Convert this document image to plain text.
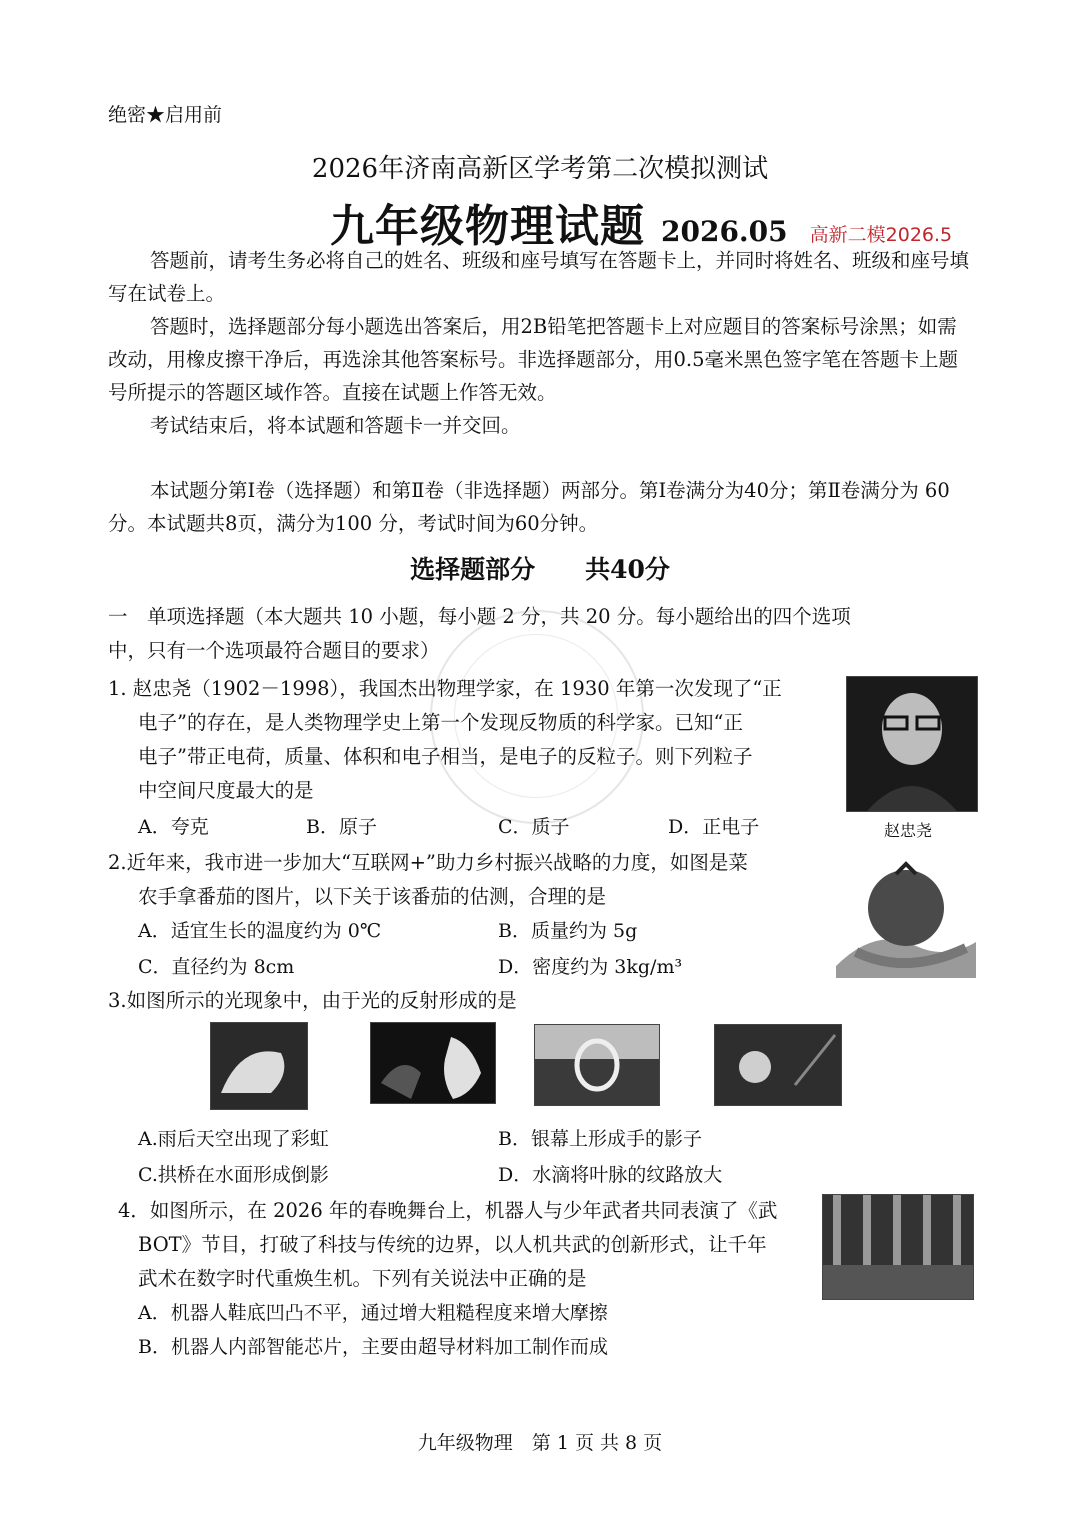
绝密★启用前
2026年济南高新区学考第二次模拟测试
九年级物理试题 2026.05 高新二模2026.5

答题前，请考生务必将自己的姓名、班级和座号填写在答题卡上，并同时将姓名、班级和座号填写在试卷上。

答题时，选择题部分每小题选出答案后，用2B铅笔把答题卡上对应题目的答案标号涂黑；如需改动，用橡皮擦干净后，再选涂其他答案标号。非选择题部分，用0.5毫米黑色签字笔在答题卡上题号所提示的答题区域作答。直接在试题上作答无效。

考试结束后，将本试题和答题卡一并交回。

本试题分第Ⅰ卷（选择题）和第Ⅱ卷（非选择题）两部分。第Ⅰ卷满分为40分；第Ⅱ卷满分为 60分。本试题共8页，满分为100 分，考试时间为60分钟。
选择题部分　　共40分
一　单项选择题（本大题共 10 小题，每小题 2 分，共 20 分。每小题给出的四个选项
中，只有一个选项最符合题目的要求）
1. 赵忠尧（1902－1998），我国杰出物理学家，在 1930 年第一次发现了“正
电子”的存在，是人类物理学史上第一个发现反物质的科学家。已知“正
电子”带正电荷，质量、体积和电子相当，是电子的反粒子。则下列粒子
中空间尺度最大的是
A．夸克	B．原子	C．质子	D．正电子	赵忠尧
2.近年来，我市进一步加大“互联网+”助力乡村振兴战略的力度，如图是菜
农手拿番茄的图片，以下关于该番茄的估测，合理的是
A．适宜生长的温度约为 0℃	B．质量约为 5g
C．直径约为 8cm	D．密度约为 3kg/m³
3.如图所示的光现象中，由于光的反射形成的是
A.雨后天空出现了彩虹	B．银幕上形成手的影子
C.拱桥在水面形成倒影	D．水滴将叶脉的纹路放大
4．如图所示，在 2026 年的春晚舞台上，机器人与少年武者共同表演了《武
BOT》节目，打破了科技与传统的边界，以人机共武的创新形式，让千年
武术在数字时代重焕生机。下列有关说法中正确的是
A．机器人鞋底凹凸不平，通过增大粗糙程度来增大摩擦
B．机器人内部智能芯片，主要由超导材料加工制作而成
九年级物理　第 1 页 共 8 页
